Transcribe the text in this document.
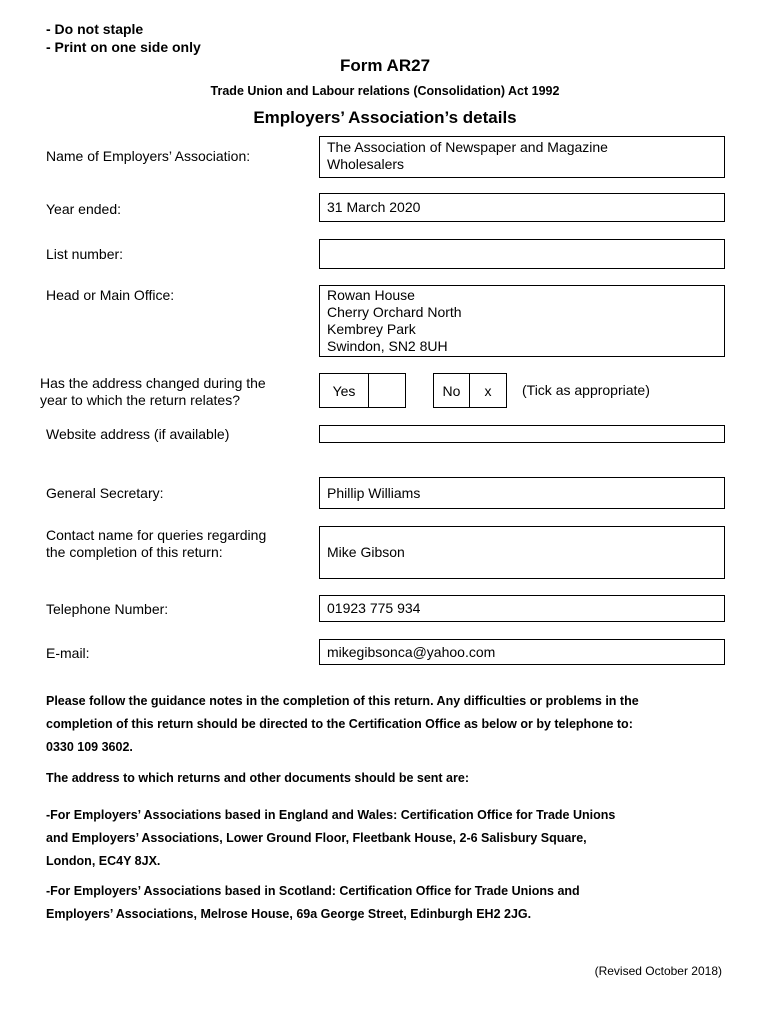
- Do not staple
- Print on one side only
Form AR27
Trade Union and Labour relations (Consolidation) Act 1992
Employers’ Association’s details
Name of Employers’ Association:
The Association of Newspaper and Magazine
Wholesalers
Year ended:	31 March 2020
List number:
Head or Main Office:	Rowan House
Cherry Orchard North
Kembrey Park
Swindon, SN2 8UH
Has the address changed during the
year to which the return relates?
Yes	No x (Tick as appropriate)
Website address (if available)
General Secretary:	Phillip Williams
Contact name for queries regarding
the completion of this return:	Mike Gibson
Telephone Number:	01923 775 934
E-mail:	mikegibsonca@yahoo.com
Please follow the guidance notes in the completion of this return. Any difficulties or problems in the
completion of this return should be directed to the Certification Office as below or by telephone to:
0330 109 3602.
The address to which returns and other documents should be sent are:
-For Employers’ Associations based in England and Wales: Certification Office for Trade Unions
and Employers’ Associations, Lower Ground Floor, Fleetbank House, 2-6 Salisbury Square,
London, EC4Y 8JX.
-For Employers’ Associations based in Scotland: Certification Office for Trade Unions and
Employers’ Associations, Melrose House, 69a George Street, Edinburgh EH2 2JG.
(Revised October 2018)
